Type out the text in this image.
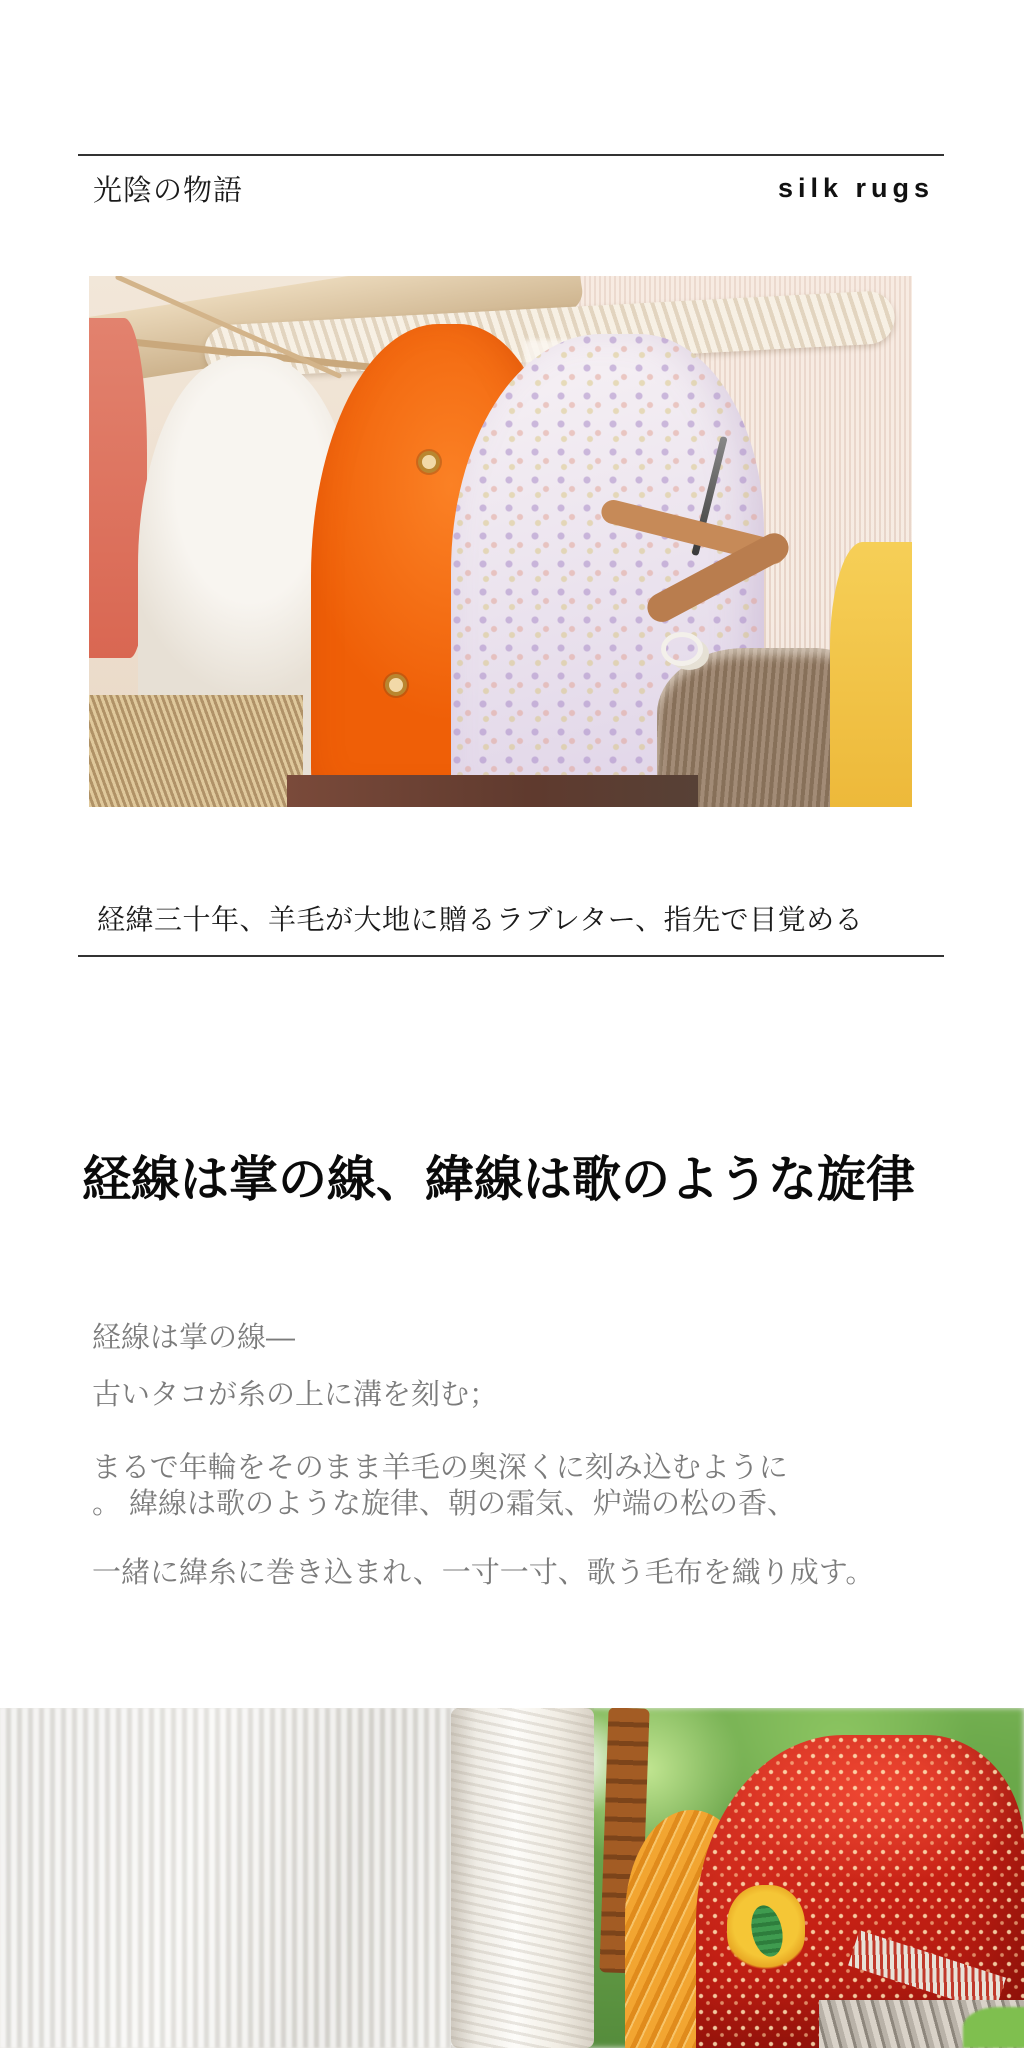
光陰の物語	silk rugs
経緯三十年、羊毛が大地に贈るラブレター、指先で目覚める
経線は掌の線、緯線は歌のような旋律
経線は掌の線—
古いタコが糸の上に溝を刻む；
まるで年輪をそのまま羊毛の奥深くに刻み込むように
。 緯線は歌のような旋律、朝の霜気、炉端の松の香、
一緒に緯糸に巻き込まれ、一寸一寸、歌う毛布を織り成す。
